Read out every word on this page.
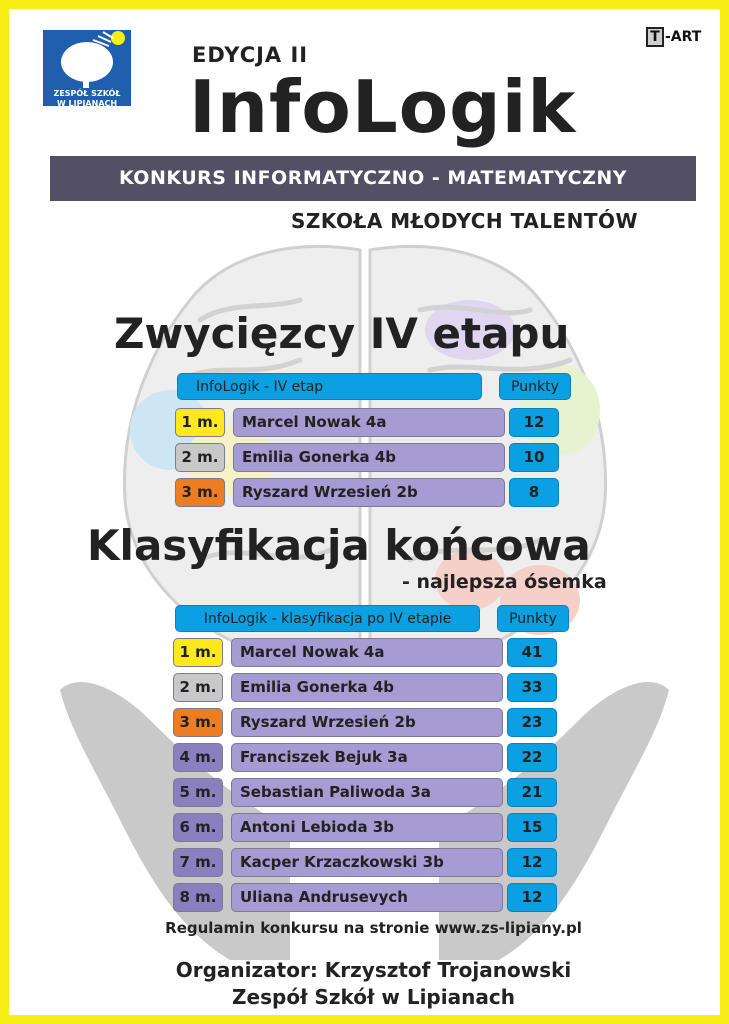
ZESPÓŁ SZKÓŁ
W LIPIANACH
T -ART
EDYCJA II
InfoLogik
KONKURS INFORMATYCZNO - MATEMATYCZNY
SZKOŁA MŁODYCH TALENTÓW
Zwycięzcy IV etapu
InfoLogik - IV etap	Punkty
1 m.	Marcel Nowak 4a	12
2 m.	Emilia Gonerka 4b	10
3 m.	Ryszard Wrzesień 2b	8
Klasyfikacja końcowa
- najlepsza ósemka
InfoLogik - klasyfikacja po IV etapie	Punkty
1 m.	Marcel Nowak 4a	41
2 m.	Emilia Gonerka 4b	33
3 m.	Ryszard Wrzesień 2b	23
4 m.	Franciszek Bejuk 3a	22
5 m.	Sebastian Paliwoda 3a	21
6 m.	Antoni Lebioda 3b	15
7 m.	Kacper Krzaczkowski 3b	12
8 m.	Uliana Andrusevych	12
Regulamin konkursu na stronie www.zs-lipiany.pl
Organizator: Krzysztof Trojanowski
Zespół Szkół w Lipianach
